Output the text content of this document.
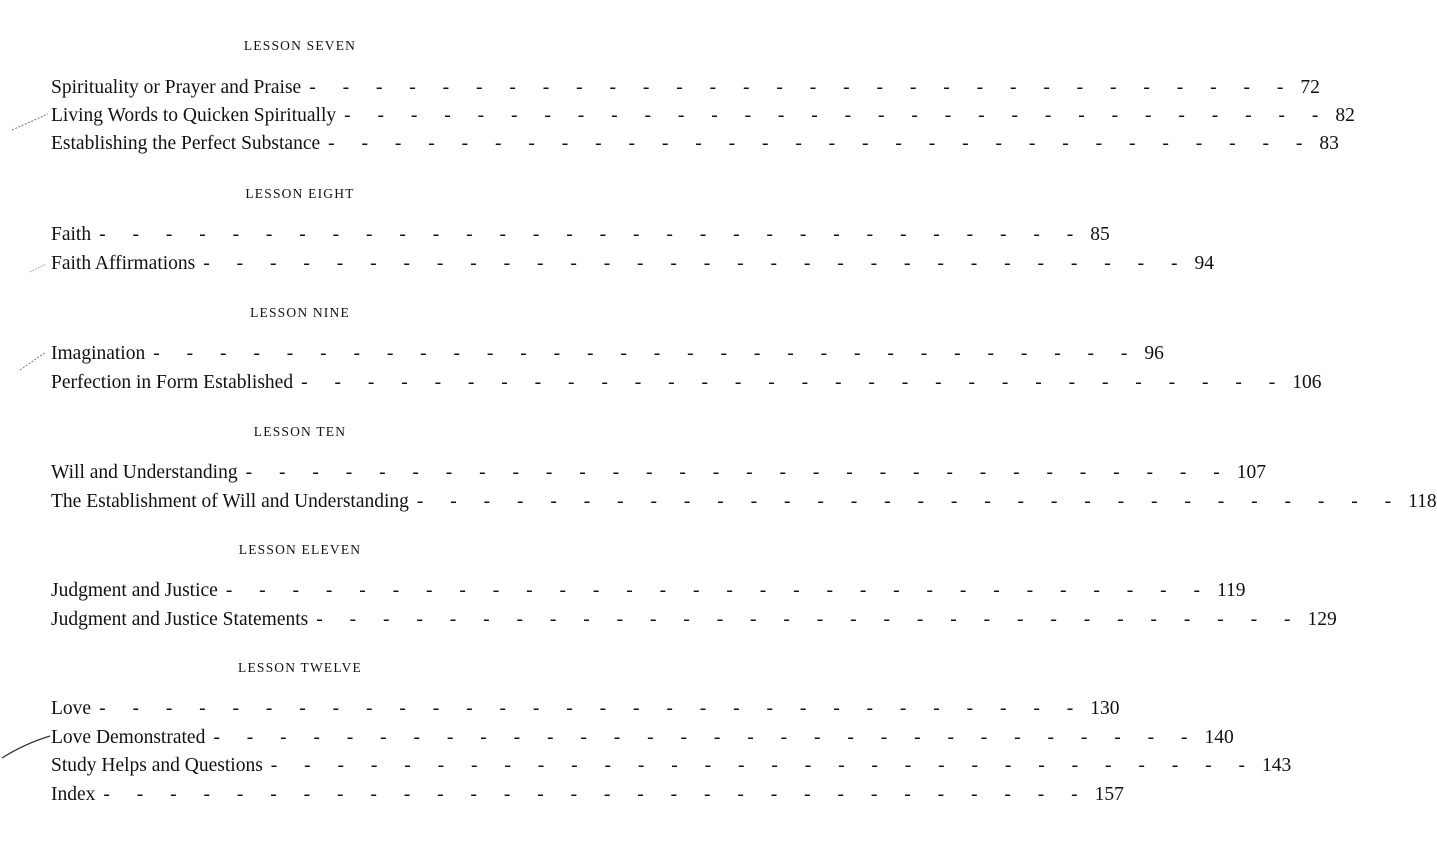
LESSON SEVEN
Spirituality or Prayer and Praise - - - - - - - - - - - - - - - - - - - - - - - - - - - - - - 72
Living Words to Quicken Spiritually - - - - - - - - - - - - - - - - - - - - - - - - - - - - - - 82
Establishing the Perfect Substance - - - - - - - - - - - - - - - - - - - - - - - - - - - - - - 83
LESSON EIGHT
Faith - - - - - - - - - - - - - - - - - - - - - - - - - - - - - - 85
Faith Affirmations - - - - - - - - - - - - - - - - - - - - - - - - - - - - - - 94
LESSON NINE
Imagination - - - - - - - - - - - - - - - - - - - - - - - - - - - - - - 96
Perfection in Form Established - - - - - - - - - - - - - - - - - - - - - - - - - - - - - - 106
LESSON TEN
Will and Understanding - - - - - - - - - - - - - - - - - - - - - - - - - - - - - - 107
The Establishment of Will and Understanding - - - - - - - - - - - - - - - - - - - - - - - - - - - - - - 118
LESSON ELEVEN
Judgment and Justice - - - - - - - - - - - - - - - - - - - - - - - - - - - - - - 119
Judgment and Justice Statements - - - - - - - - - - - - - - - - - - - - - - - - - - - - - - 129
LESSON TWELVE
Love - - - - - - - - - - - - - - - - - - - - - - - - - - - - - - 130
Love Demonstrated - - - - - - - - - - - - - - - - - - - - - - - - - - - - - - 140
Study Helps and Questions - - - - - - - - - - - - - - - - - - - - - - - - - - - - - - 143
Index - - - - - - - - - - - - - - - - - - - - - - - - - - - - - - 157
